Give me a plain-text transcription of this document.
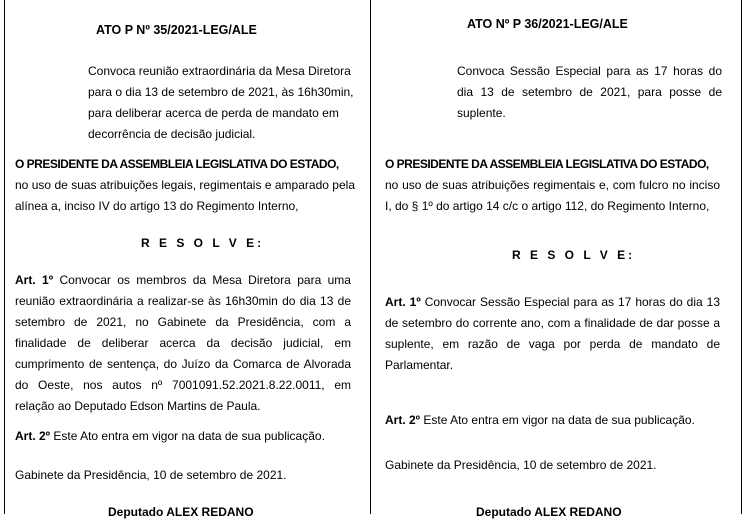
ATO P Nº 35/2021-LEG/ALE
Convoca reunião extraordinária da Mesa Diretora para o dia 13 de setembro de 2021, às 16h30min, para deliberar acerca de perda de mandato em decorrência de decisão judicial.
O PRESIDENTE DA ASSEMBLEIA LEGISLATIVA DO ESTADO,
no uso de suas atribuições legais, regimentais e amparado pela alínea a, inciso IV do artigo 13 do Regimento Interno,
R E S O L V E:
Art. 1º Convocar os membros da Mesa Diretora para uma reunião extraordinária a realizar-se às 16h30min do dia 13 de setembro de 2021, no Gabinete da Presidência, com a finalidade de deliberar acerca da decisão judicial, em cumprimento de sentença, do Juízo da Comarca de Alvorada do Oeste, nos autos nº 7001091.52.2021.8.22.0011, em relação ao Deputado Edson Martins de Paula.
Art. 2º Este Ato entra em vigor na data de sua publicação.
Gabinete da Presidência, 10 de setembro de 2021.
Deputado ALEX REDANO
ATO Nº P 36/2021-LEG/ALE
Convoca Sessão Especial para as 17 horas do dia 13 de setembro de 2021, para posse de suplente.
O PRESIDENTE DA ASSEMBLEIA LEGISLATIVA DO ESTADO,
no uso de suas atribuições regimentais e, com fulcro no inciso I, do § 1º do artigo 14 c/c o artigo 112, do Regimento Interno,
R E S O L V E:
Art. 1º Convocar Sessão Especial para as 17 horas do dia 13 de setembro do corrente ano, com a finalidade de dar posse a suplente, em razão de vaga por perda de mandato de Parlamentar.
Art. 2º Este Ato entra em vigor na data de sua publicação.
Gabinete da Presidência, 10 de setembro de 2021.
Deputado ALEX REDANO
